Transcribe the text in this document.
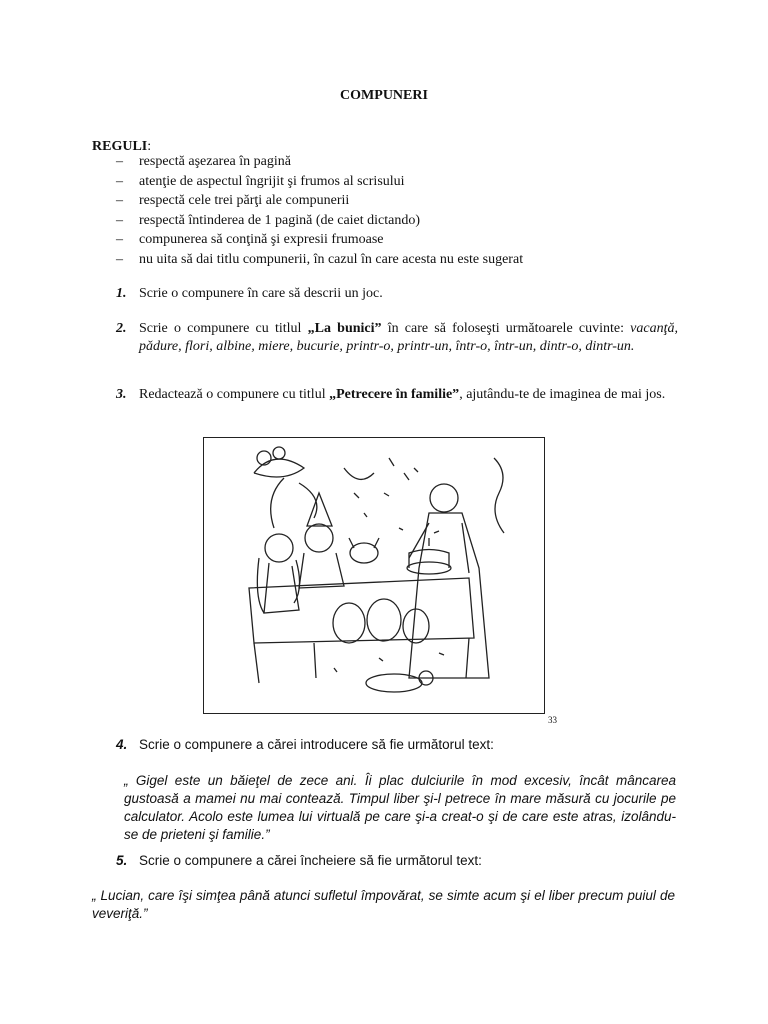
COMPUNERI
REGULI:
–	respectă aşezarea în pagină
–	atenţie de aspectul îngrijit şi frumos al scrisului
–	respectă cele trei părţi ale compunerii
–	respectă întinderea de 1 pagină (de caiet dictando)
–	compunerea să conţină şi expresii frumoase
–	nu uita să dai titlu compunerii, în cazul în care acesta nu este sugerat
1. Scrie o compunere în care să descrii un joc.
2. Scrie o compunere cu titlul „La bunici” în care să foloseşti următoarele cuvinte: vacanţă, pădure, flori, albine, miere, bucurie, printr-o, printr-un, într-o, într-un, dintr-o, dintr-un.
3. Redactează o compunere cu titlul „Petrecere în familie”, ajutându-te de imaginea de mai jos.
33
4. Scrie o compunere a cărei introducere să fie următorul text:
„ Gigel este un băieţel de zece ani. Îi plac dulciurile în mod excesiv, încât mâncarea gustoasă a mamei nu mai contează. Timpul liber şi-l petrece în mare măsură cu jocurile pe calculator. Acolo este lumea lui virtuală pe care şi-a creat-o şi de care este atras, izolându-se de prieteni şi familie.”
5. Scrie o compunere a cărei încheiere să fie următorul text:
„ Lucian, care îşi simţea până atunci sufletul împovărat, se simte acum şi el liber precum puiul de veveriţă.”
